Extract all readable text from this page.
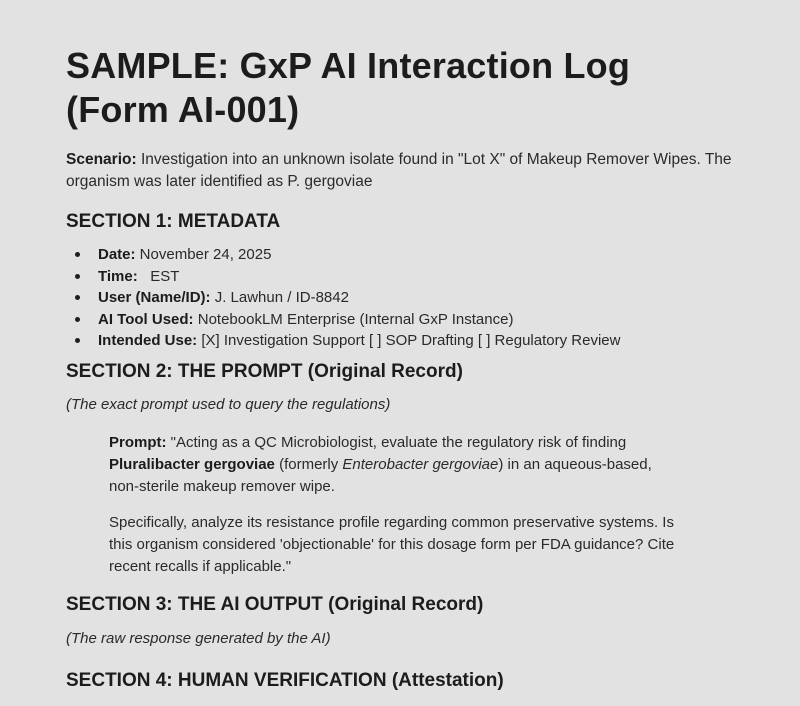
SAMPLE: GxP AI Interaction Log (Form AI-001)

Scenario: Investigation into an unknown isolate found in "Lot X" of Makeup Remover Wipes. The organism was later identified as P. gergoviae

SECTION 1: METADATA
Date: November 24, 2025
Time:   EST
User (Name/ID): J. Lawhun / ID-8842
AI Tool Used: NotebookLM Enterprise (Internal GxP Instance)
Intended Use: [X] Investigation Support [ ] SOP Drafting [ ] Regulatory Review
SECTION 2: THE PROMPT (Original Record)

(The exact prompt used to query the regulations)

Prompt: "Acting as a QC Microbiologist, evaluate the regulatory risk of finding Pluralibacter gergoviae (formerly Enterobacter gergoviae) in an aqueous-based, non-sterile makeup remover wipe.

Specifically, analyze its resistance profile regarding common preservative systems. Is this organism considered 'objectionable' for this dosage form per FDA guidance? Cite recent recalls if applicable."

SECTION 3: THE AI OUTPUT (Original Record)

(The raw response generated by the AI)

SECTION 4: HUMAN VERIFICATION (Attestation)
